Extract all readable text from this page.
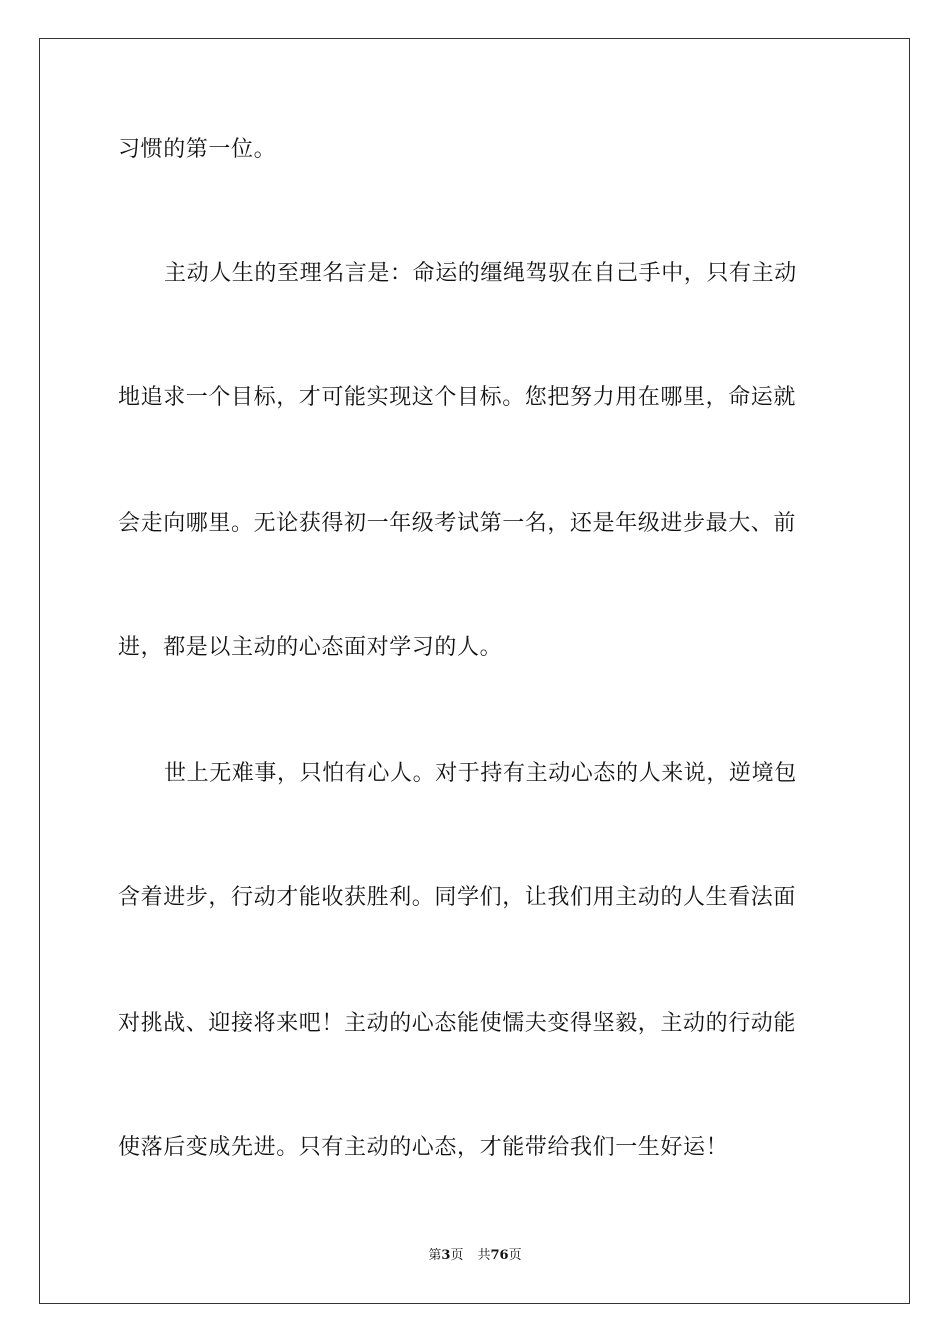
习惯的第一位。
主动人生的至理名言是：命运的缰绳驾驭在自己手中，只有主动
地追求一个目标，才可能实现这个目标。您把努力用在哪里，命运就
会走向哪里。无论获得初一年级考试第一名，还是年级进步最大、前
进，都是以主动的心态面对学习的人。
世上无难事，只怕有心人。对于持有主动心态的人来说，逆境包
含着进步，行动才能收获胜利。同学们，让我们用主动的人生看法面
对挑战、迎接将来吧！主动的心态能使懦夫变得坚毅，主动的行动能
使落后变成先进。只有主动的心态，才能带给我们一生好运！
第3页 共76页
